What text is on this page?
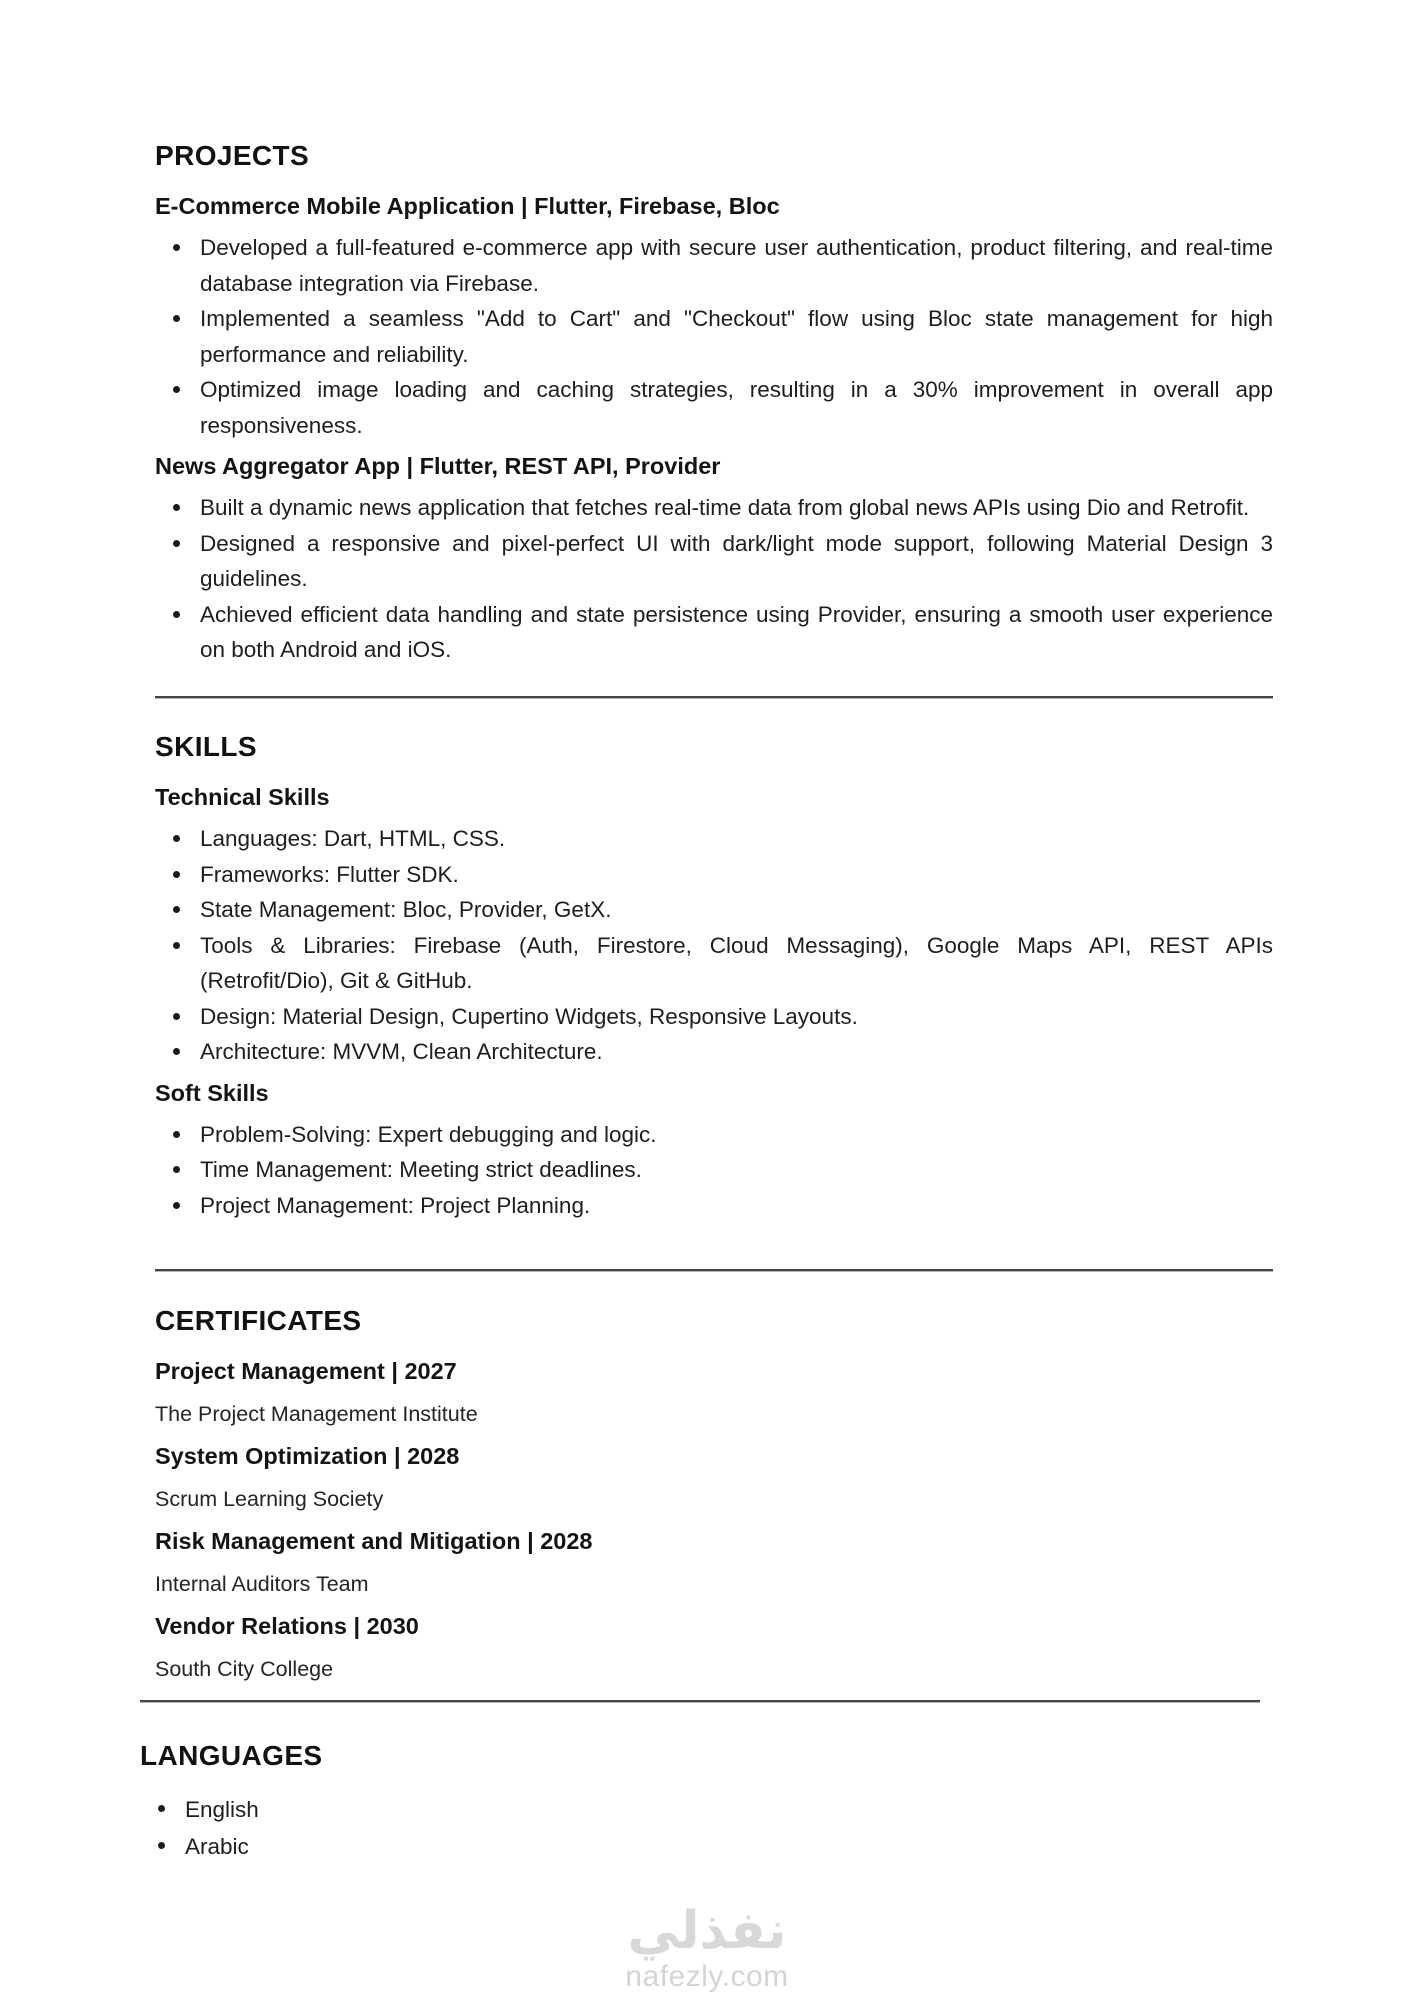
PROJECTS
E-Commerce Mobile Application | Flutter, Firebase, Bloc
Developed a full-featured e-commerce app with secure user authentication, product filtering, and real-time database integration via Firebase.
Implemented a seamless "Add to Cart" and "Checkout" flow using Bloc state management for high performance and reliability.
Optimized image loading and caching strategies, resulting in a 30% improvement in overall app responsiveness.
News Aggregator App | Flutter, REST API, Provider
Built a dynamic news application that fetches real-time data from global news APIs using Dio and Retrofit.
Designed a responsive and pixel-perfect UI with dark/light mode support, following Material Design 3 guidelines.
Achieved efficient data handling and state persistence using Provider, ensuring a smooth user experience on both Android and iOS.
SKILLS
Technical Skills
Languages: Dart, HTML, CSS.
Frameworks: Flutter SDK.
State Management: Bloc, Provider, GetX.
Tools & Libraries: Firebase (Auth, Firestore, Cloud Messaging), Google Maps API, REST APIs (Retrofit/Dio), Git & GitHub.
Design: Material Design, Cupertino Widgets, Responsive Layouts.
Architecture: MVVM, Clean Architecture.
Soft Skills
Problem-Solving: Expert debugging and logic.
Time Management: Meeting strict deadlines.
Project Management: Project Planning.
CERTIFICATES

Project Management | 2027

The Project Management Institute

System Optimization | 2028

Scrum Learning Society

Risk Management and Mitigation | 2028

Internal Auditors Team

Vendor Relations | 2030

South City College

LANGUAGES
English
Arabic
نفذلي
nafezly.com
